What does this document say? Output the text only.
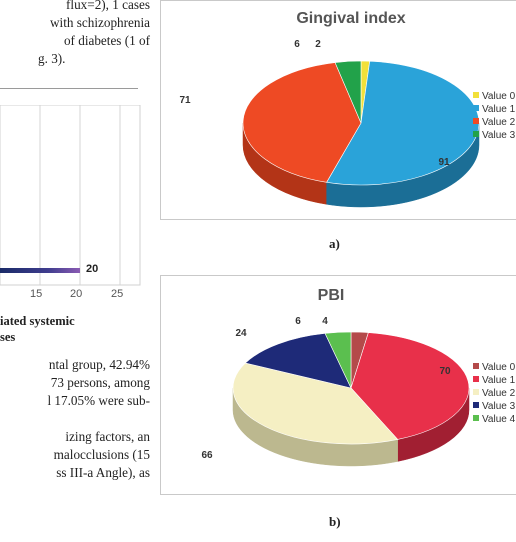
flux=2), 1 cases

with schizophrenia

of diabetes (1 of

g. 3).

20
15	20	25

iated systemic

ses

ntal group, 42.94%

73 persons, among

l 17.05% were sub-

izing factors, an

malocclusions (15

ss III-a Angle), as

Gingival index
2
91
71
6
Value 0
Value 1
Value 2
Value 3
a)
PBI
4
70
66
24
6
Value 0
Value 1
Value 2
Value 3
Value 4
b)
